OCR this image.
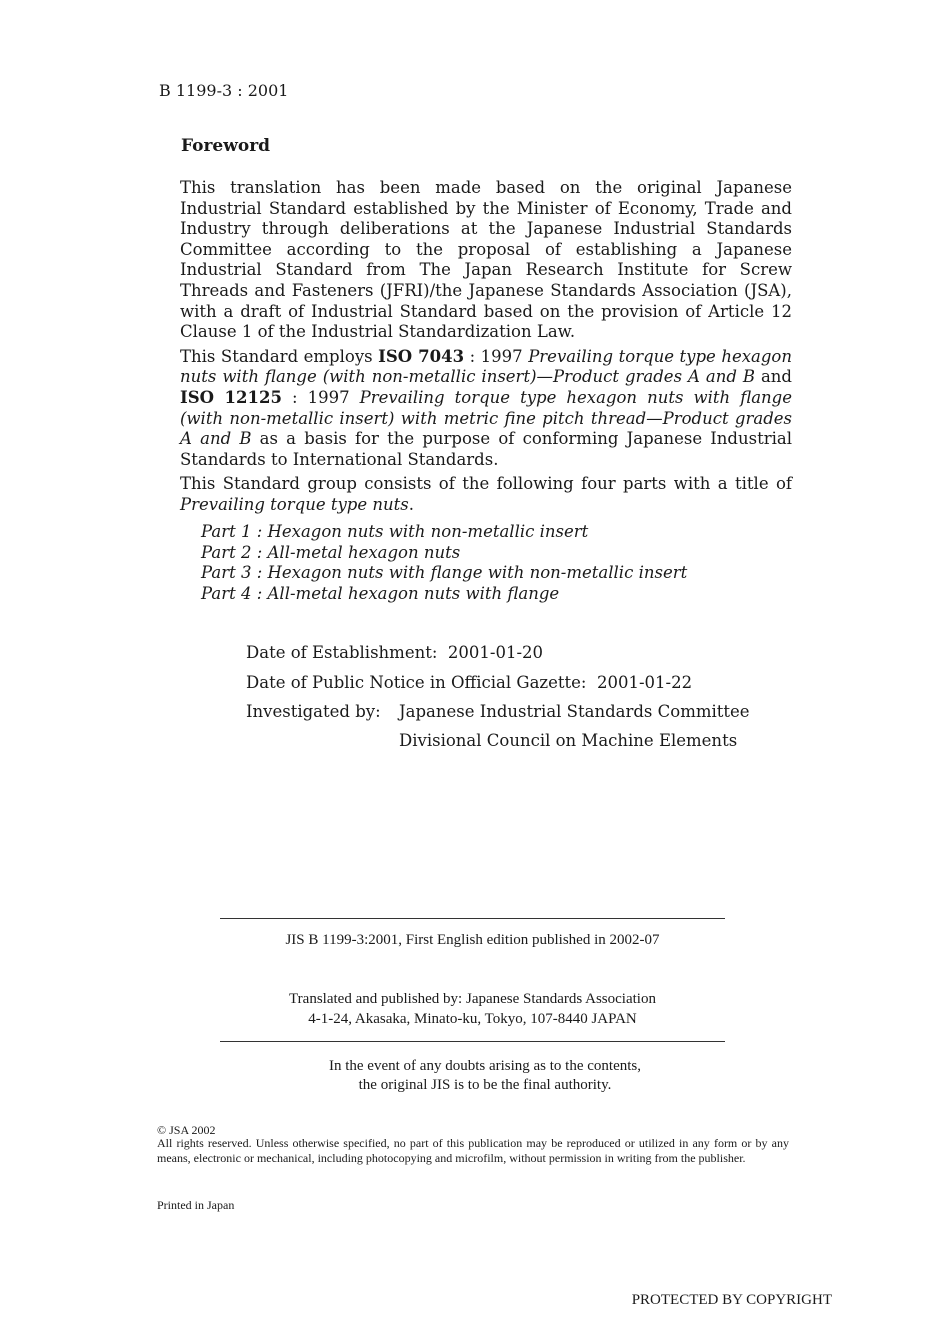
B 1199-3 : 2001
Foreword

This translation has been made based on the original Japanese Industrial Standard established by the Minister of Economy, Trade and Industry through deliberations at the Japanese Industrial Standards Committee according to the proposal of establishing a Japanese Industrial Standard from The Japan Research Institute for Screw Threads and Fasteners (JFRI)/the Japanese Standards Association (JSA), with a draft of Industrial Standard based on the provision of Article 12 Clause 1 of the Industrial Standardization Law.

This Standard employs ISO 7043 : 1997 Prevailing torque type hexagon nuts with flange (with non-metallic insert)—Product grades A and B and ISO 12125 : 1997 Prevailing torque type hexagon nuts with flange (with non-metallic insert) with metric fine pitch thread—Product grades A and B as a basis for the purpose of conforming Japanese Industrial Standards to International Standards.

This Standard group consists of the following four parts with a title of Prevailing torque type nuts.

Part 1 : Hexagon nuts with non-metallic insert
Part 2 : All-metal hexagon nuts
Part 3 : Hexagon nuts with flange with non-metallic insert
Part 4 : All-metal hexagon nuts with flange
Date of Establishment: 2001-01-20
Date of Public Notice in Official Gazette: 2001-01-22
Investigated by: Japanese Industrial Standards Committee
Divisional Council on Machine Elements
JIS B 1199-3:2001, First English edition published in 2002-07
Translated and published by: Japanese Standards Association
4-1-24, Akasaka, Minato-ku, Tokyo, 107-8440 JAPAN
In the event of any doubts arising as to the contents,
the original JIS is to be the final authority.
© JSA 2002
All rights reserved. Unless otherwise specified, no part of this publication may be reproduced or utilized in any form or by any means, electronic or mechanical, including photocopying and microfilm, without permission in writing from the publisher.
Printed in Japan
PROTECTED BY COPYRIGHT
